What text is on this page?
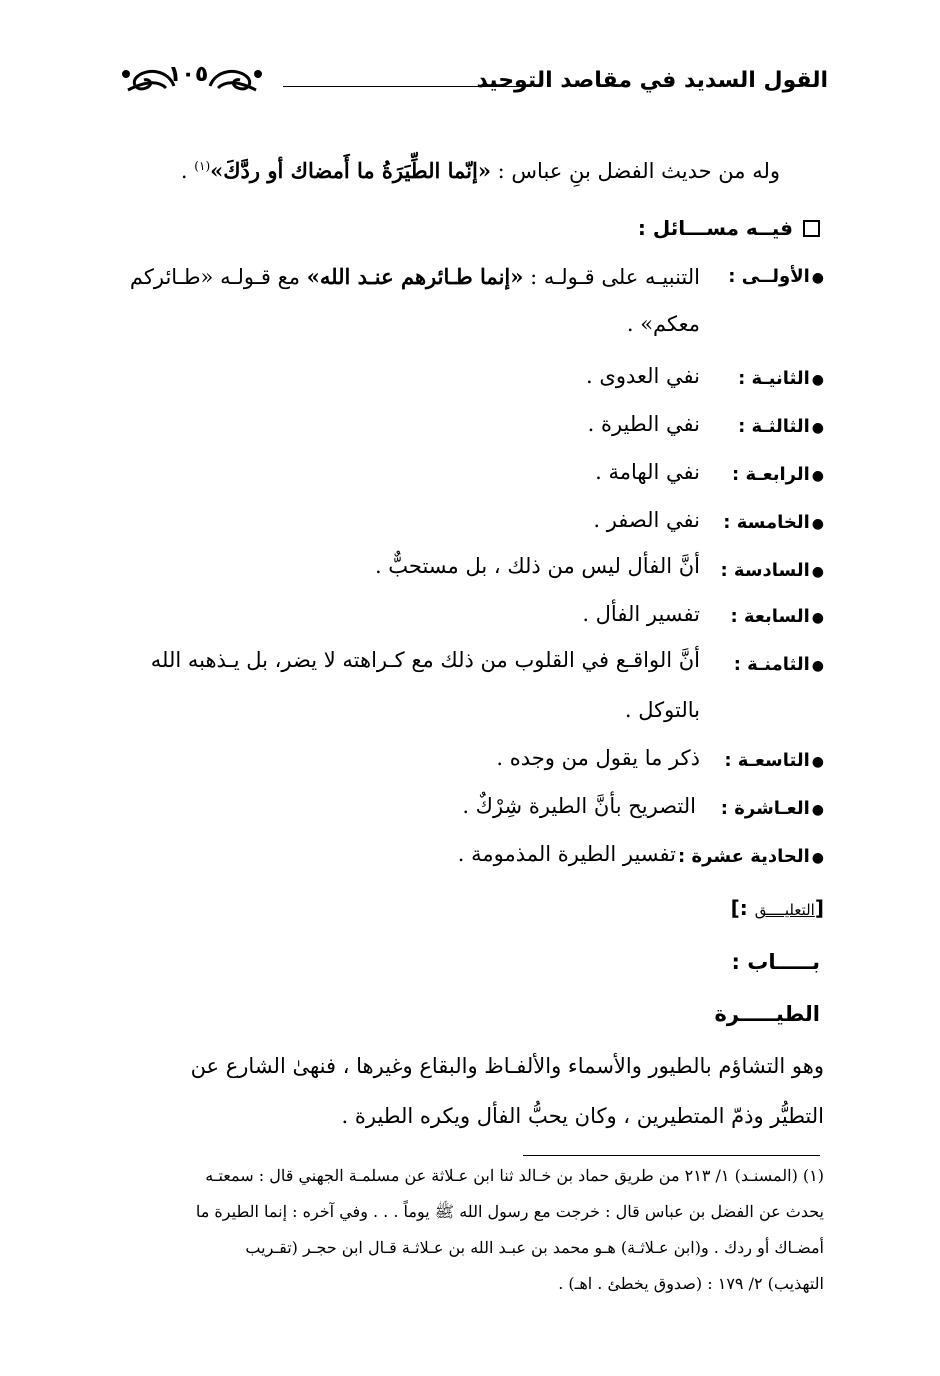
القول السديد في مقاصد التوحيد
١٠٥
وله من حديث الفضل بنِ عباس : «إنّما الطِّيَرَةُ ما أَمضاك أو ردَّكَ»$^{(١)}$ .
فيــه مســـائل :
●الأولــى :
التنبيـه على قـولـه : «إنما طـائرهم عنـد الله» مع قـولـه «طـائركم
معكم» .
●الثانيـة :
نفي العدوى .
●الثالثـة :
نفي الطيرة .
●الرابعـة :
نفي الهامة .
●الخامسة :
نفي الصفر .
●السادسة :
أنَّ الفأل ليس من ذلك ، بل مستحبٌّ .
●السابعة :
تفسير الفأل .
●الثامنـة :
أنَّ الواقـع في القلوب من ذلك مع كـراهته لا يضر، بل يـذهبه الله
بالتوكل .
●التاسعـة :
ذكر ما يقول من وجده .
●العـاشرة :
التصريح بأنَّ الطيرة شِرْكٌ .
●الحادية عشرة :
تفسير الطيرة المذمومة .
[التعليــــق :]
بـــــاب :
الطيـــــرة
وهو التشاؤم بالطيور والأسماء والألفـاظ والبقاع وغيرها ، فنهىٰ الشارع عن
التطيُّر وذمّ المتطيرين ، وكان يحبُّ الفأل ويكره الطيرة .
(١) (المسنـد) ١/ ٢١٣ من طريق حماد بن خـالد ثنا ابن عـلاثة عن مسلمـة الجهني قال : سمعتـه
يحدث عن الفضل بن عباس قال : خرجت مع رسول الله ﷺ يوماً . . . وفي آخره : إنما الطيرة ما
أمضـاك أو ردك . و(ابن عـلاثـة) هـو محمد بن عبـد الله بن عـلاثـة قـال ابن حجـر (تقـريب
التهذيب) ٢/ ١٧٩ : (صدوق يخطئ . اهـ) .
